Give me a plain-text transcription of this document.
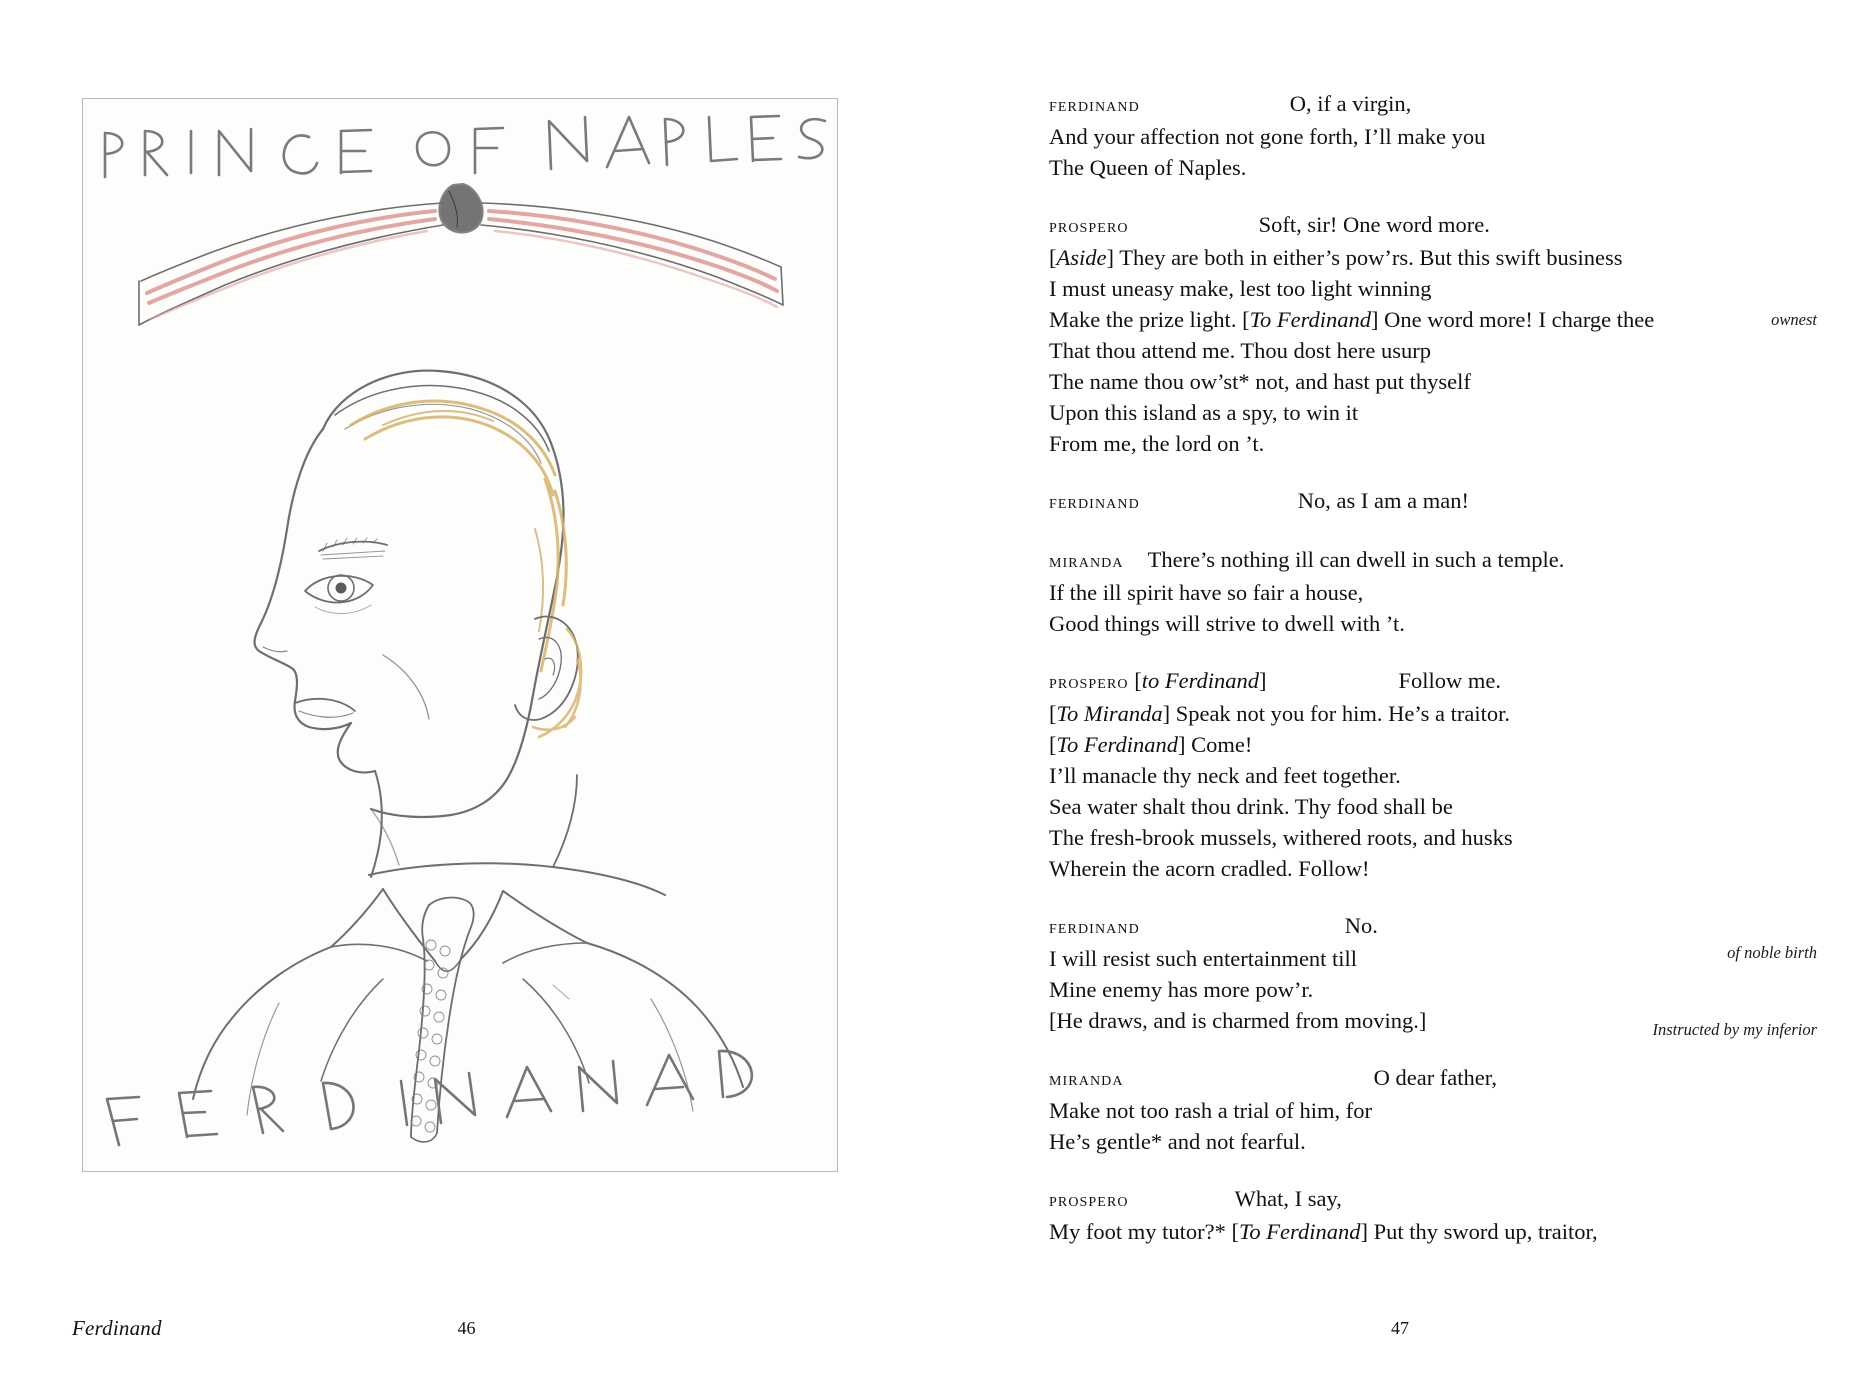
Ferdinand	46
ferdinand	O, if a virgin,
And your affection not gone forth, I’ll make you
The Queen of Naples.
prospero	Soft, sir! One word more.
[Aside] They are both in either’s pow’rs. But this swift business
I must uneasy make, lest too light winning
Make the prize light. [To Ferdinand] One word more! I charge thee
That thou attend me. Thou dost here usurp
The name thou ow’st* not, and hast put thyself
Upon this island as a spy, to win it
From me, the lord on ’t.
ferdinand	No, as I am a man!
miranda There’s nothing ill can dwell in such a temple.
If the ill spirit have so fair a house,
Good things will strive to dwell with ’t.
prospero [to Ferdinand]	Follow me.
[To Miranda] Speak not you for him. He’s a traitor.
[To Ferdinand] Come!
I’ll manacle thy neck and feet together.
Sea water shalt thou drink. Thy food shall be
The fresh-brook mussels, withered roots, and husks
Wherein the acorn cradled. Follow!
ferdinand	No.
I will resist such entertainment till
Mine enemy has more pow’r.
[He draws, and is charmed from moving.]
miranda	O dear father,
Make not too rash a trial of him, for
He’s gentle* and not fearful.
prospero	What, I say,
My foot my tutor?* [To Ferdinand] Put thy sword up, traitor,
ownest
of noble birth
Instructed by my inferior
47
